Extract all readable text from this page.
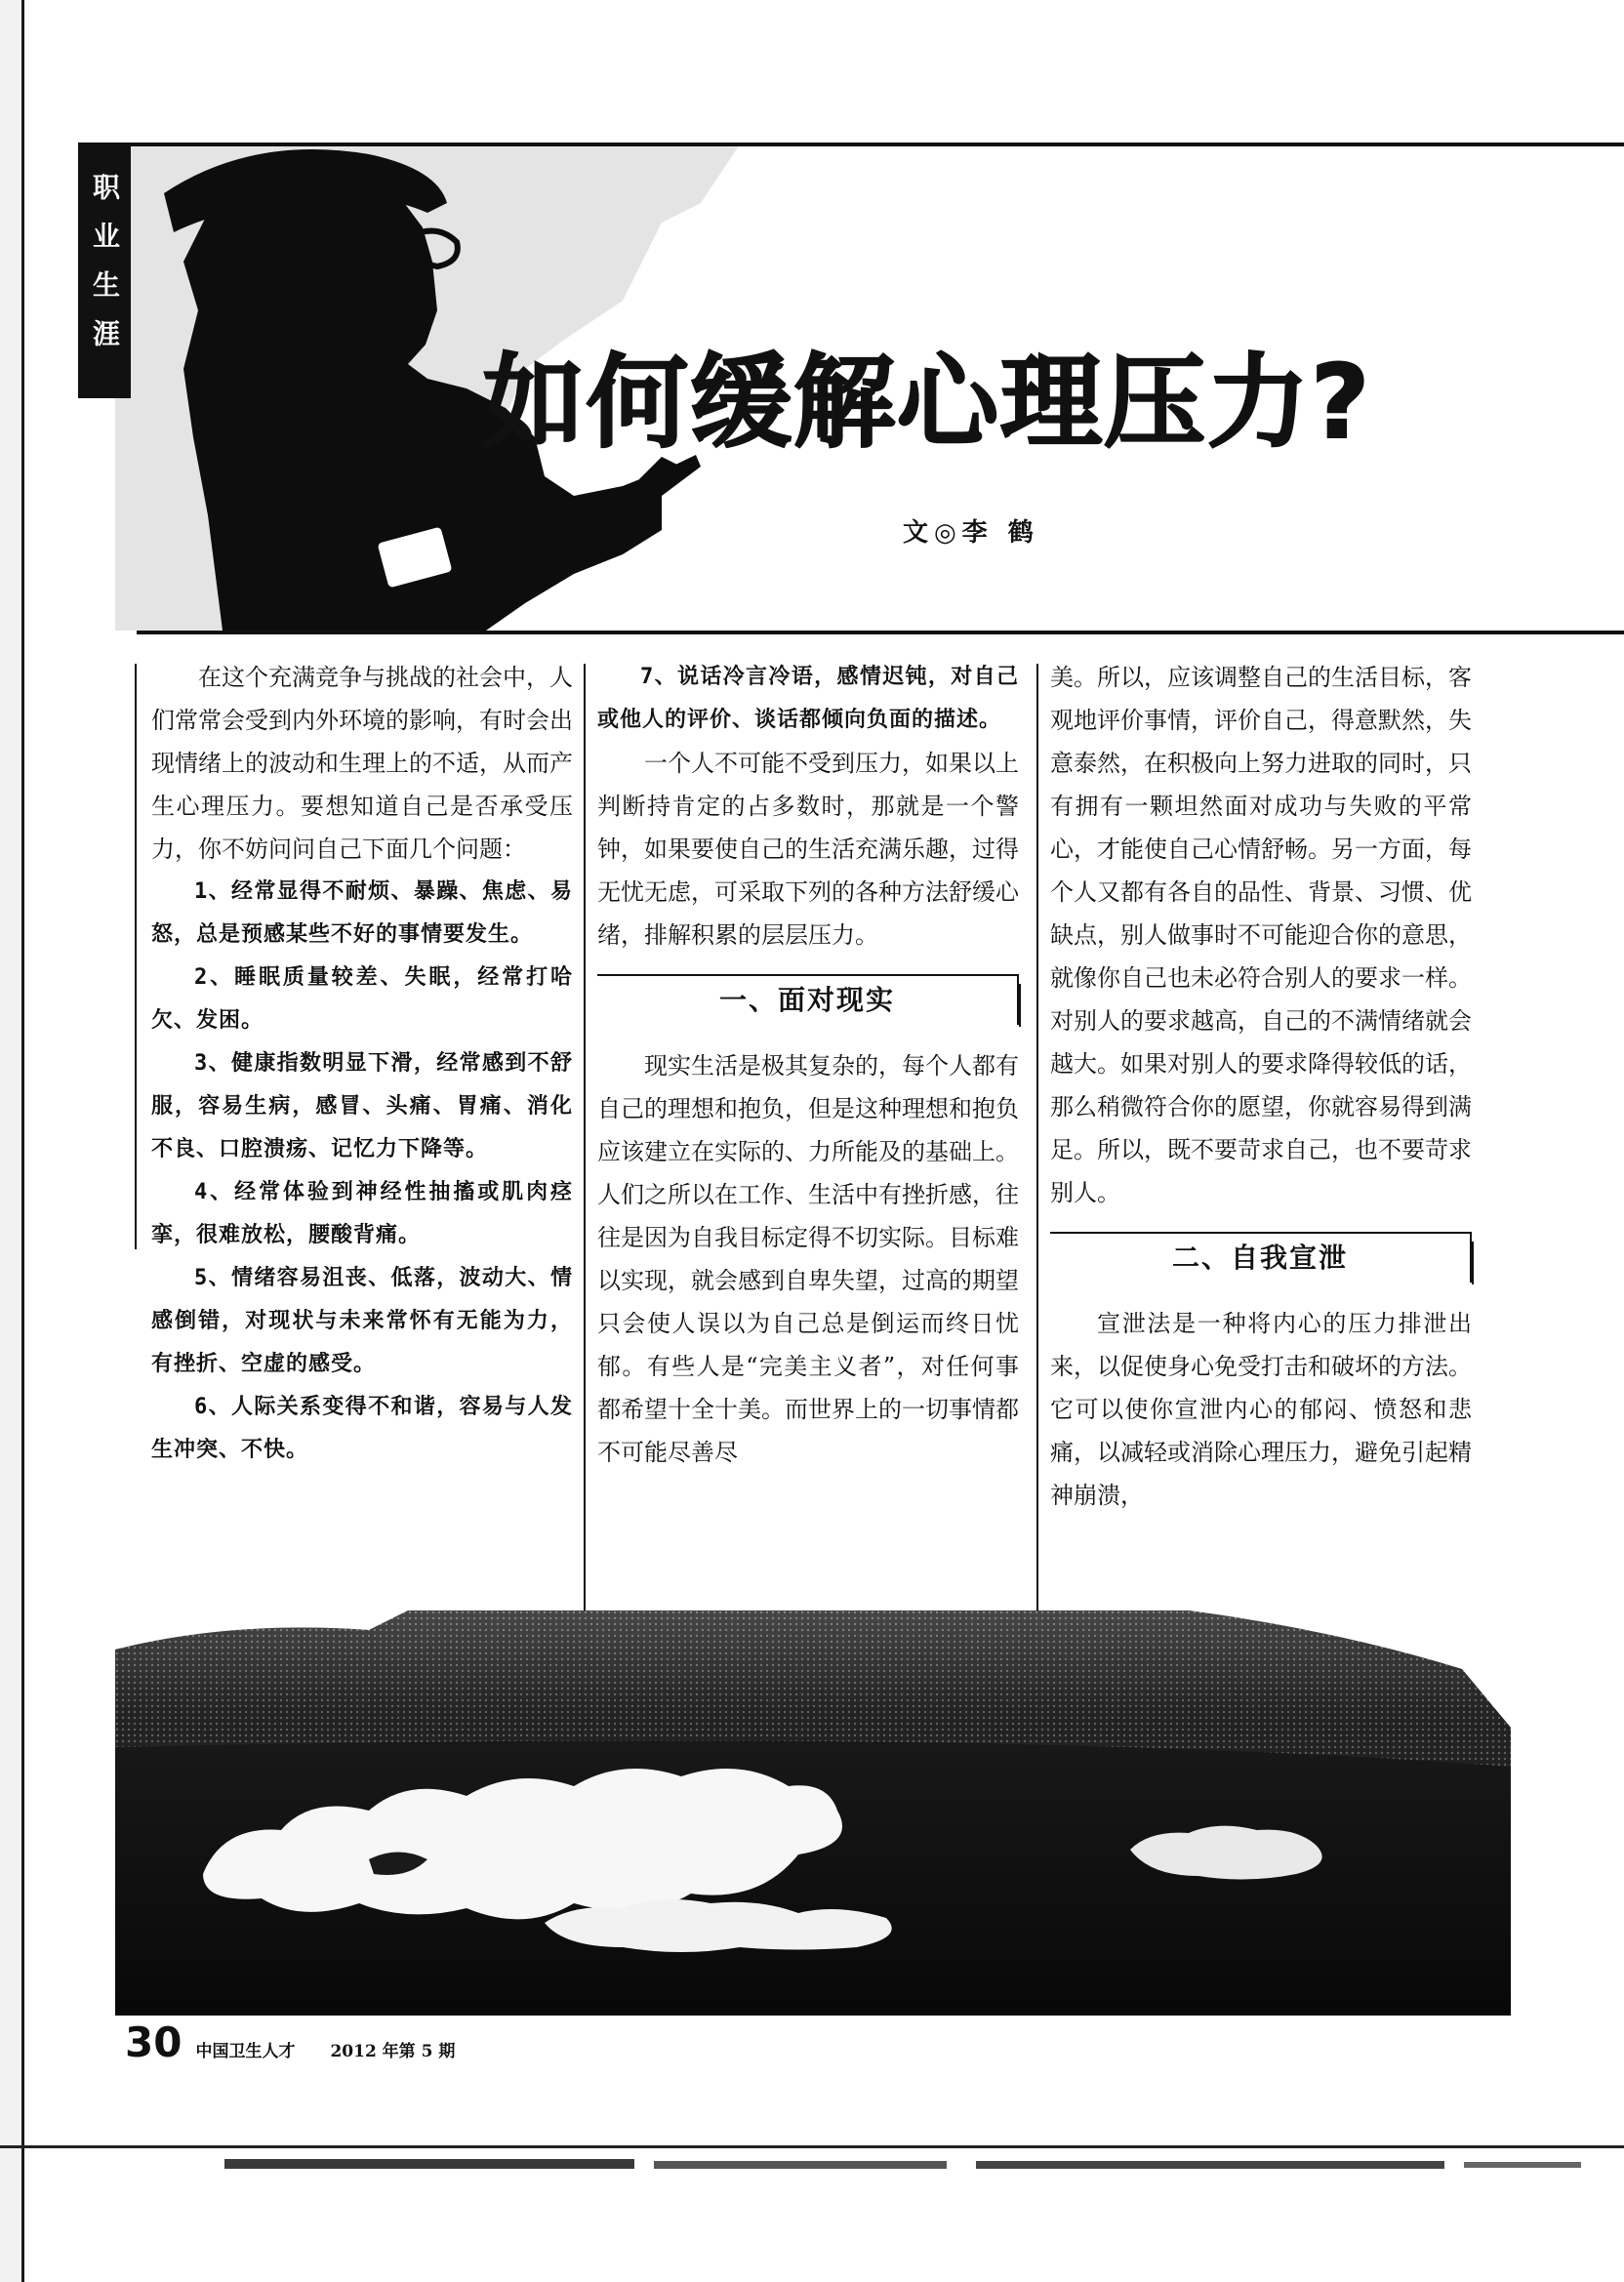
职业生涯
如何缓解心理压力?
文◎李 鹤

在这个充满竞争与挑战的社会中，人们常常会受到内外环境的影响，有时会出现情绪上的波动和生理上的不适，从而产生心理压力。要想知道自己是否承受压力，你不妨问问自己下面几个问题：

1、经常显得不耐烦、暴躁、焦虑、易怒，总是预感某些不好的事情要发生。

2、睡眠质量较差、失眠，经常打哈欠、发困。

3、健康指数明显下滑，经常感到不舒服，容易生病，感冒、头痛、胃痛、消化不良、口腔溃疡、记忆力下降等。

4、经常体验到神经性抽搐或肌肉痉挛，很难放松，腰酸背痛。

5、情绪容易沮丧、低落，波动大、情感倒错，对现状与未来常怀有无能为力，有挫折、空虚的感受。

6、人际关系变得不和谐，容易与人发生冲突、不快。

7、说话冷言冷语，感情迟钝，对自己或他人的评价、谈话都倾向负面的描述。

一个人不可能不受到压力，如果以上判断持肯定的占多数时，那就是一个警钟，如果要使自己的生活充满乐趣，过得无忧无虑，可采取下列的各种方法舒缓心绪，排解积累的层层压力。

一、面对现实

现实生活是极其复杂的，每个人都有自己的理想和抱负，但是这种理想和抱负应该建立在实际的、力所能及的基础上。人们之所以在工作、生活中有挫折感，往往是因为自我目标定得不切实际。目标难以实现，就会感到自卑失望，过高的期望只会使人误以为自己总是倒运而终日忧郁。有些人是“完美主义者”，对任何事都希望十全十美。而世界上的一切事情都不可能尽善尽

美。所以，应该调整自己的生活目标，客观地评价事情，评价自己，得意默然，失意泰然，在积极向上努力进取的同时，只有拥有一颗坦然面对成功与失败的平常心，才能使自己心情舒畅。另一方面，每个人又都有各自的品性、背景、习惯、优缺点，别人做事时不可能迎合你的意思，就像你自己也未必符合别人的要求一样。对别人的要求越高，自己的不满情绪就会越大。如果对别人的要求降得较低的话，那么稍微符合你的愿望，你就容易得到满足。所以，既不要苛求自己，也不要苛求别人。

二、自我宣泄

宣泄法是一种将内心的压力排泄出来，以促使身心免受打击和破坏的方法。它可以使你宣泄内心的郁闷、愤怒和悲痛，以减轻或消除心理压力，避免引起精神崩溃，

30 中国卫生人才 2012 年第 5 期
